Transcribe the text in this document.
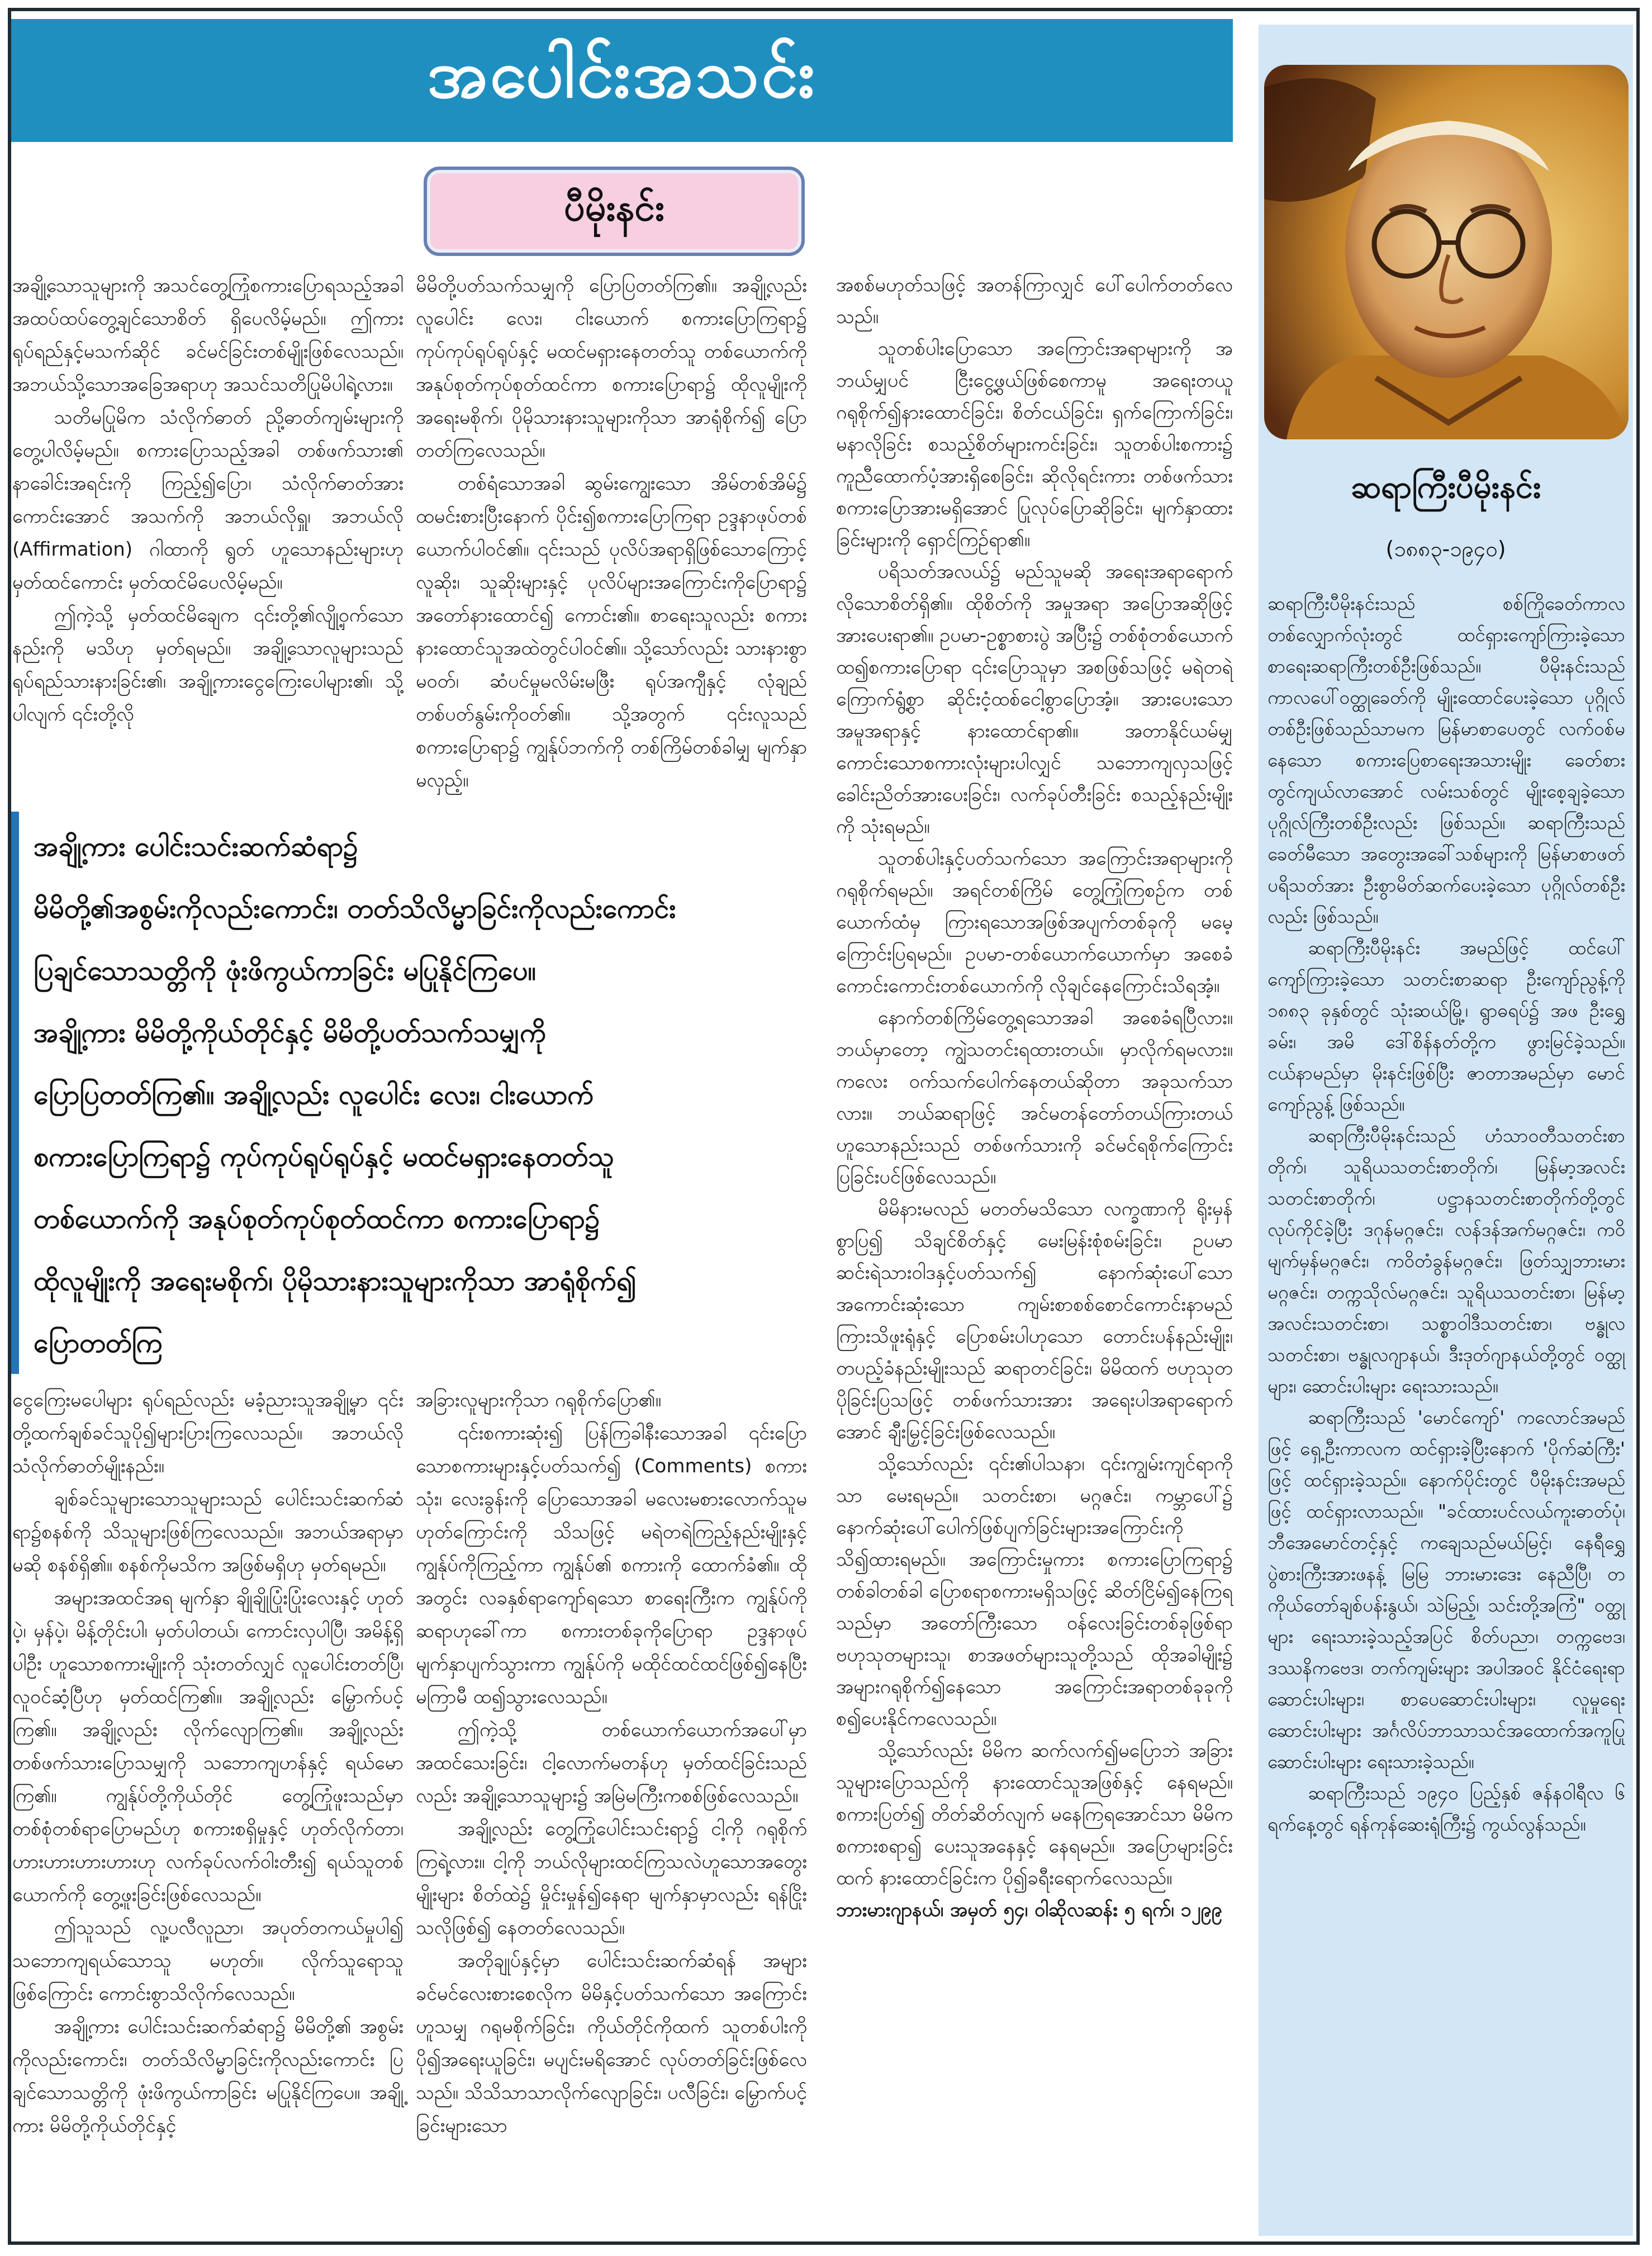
အပေါင်းအသင်း
ပီမိုးနင်း

အချို့သောသူများကို အသင်တွေ့ကြုံစကားပြောရသည့်အခါ အထပ်ထပ်တွေ့ချင်သောစိတ် ရှိပေလိမ့်မည်။ ဤကား ရုပ်ရည်နှင့်မသက်ဆိုင် ခင်မင်ခြင်းတစ်မျိုးဖြစ်လေသည်။ အဘယ်သို့သောအခြေအရာဟု အသင်သတိပြုမိပါရဲ့လား။

သတိမပြုမိက သံလိုက်ဓာတ် ညို့ဓာတ်ကျမ်းများကို တွေ့ပါလိမ့်မည်။ စကားပြောသည့်အခါ တစ်ဖက်သား၏ နာခေါင်းအရင်းကို ကြည့်၍ပြော၊ သံလိုက်ဓာတ်အားကောင်းအောင် အသက်ကို အဘယ်လိုရှူ၊ အဘယ်လို (Affirmation) ဂါထာကို ရွတ် ဟူသောနည်းများဟု မှတ်ထင်ကောင်း မှတ်ထင်မိပေလိမ့်မည်။

ဤကဲ့သို့ မှတ်ထင်မိချေက ၎င်းတို့၏လျို့ဝှက်သောနည်းကို မသိဟု မှတ်ရမည်။ အချို့သောလူများသည် ရုပ်ရည်သားနားခြင်း၏၊ အချို့ကားငွေကြေးပေါများ၏၊ သို့ပါလျက် ၎င်းတို့လို

မိမိတို့ပတ်သက်သမျှကို ပြောပြတတ်ကြ၏။ အချို့လည်း လူပေါင်း လေး၊ ငါးယောက် စကားပြောကြရာ၌ ကုပ်ကုပ်ရုပ်ရုပ်နှင့် မထင်မရှားနေတတ်သူ တစ်ယောက်ကို အနုပ်စုတ်ကုပ်စုတ်ထင်ကာ စကားပြောရာ၌ ထိုလူမျိုးကို အရေးမစိုက်၊ ပိုမိုသားနားသူများကိုသာ အာရုံစိုက်၍ ပြောတတ်ကြလေသည်။

တစ်ရံသောအခါ ဆွမ်းကျွေးသော အိမ်တစ်အိမ်၌ ထမင်းစားပြီးနောက် ပိုင်း၍စကားပြောကြရာ ဥဒ္ဒနာဖုပ်တစ်ယောက်ပါဝင်၏။ ၎င်းသည် ပုလိပ်အရာရှိဖြစ်သောကြောင့် လူဆိုး၊ သူဆိုးများနှင့် ပုလိပ်များအကြောင်းကိုပြောရာ၌ အတော်နားထောင်၍ ကောင်း၏။ စာရေးသူလည်း စကားနားထောင်သူအထဲတွင်ပါဝင်၏။ သို့သော်လည်း သားနားစွာမဝတ်၊ ဆံပင်မှုမလိမ်းမဖြီး ရုပ်အကျီနှင့် လုံချည်တစ်ပတ်နွမ်းကိုဝတ်၏။ သို့အတွက် ၎င်းလူသည် စကားပြောရာ၌ ကျွန်ုပ်ဘက်ကို တစ်ကြိမ်တစ်ခါမျှ မျက်နှာမလှည့်။

အချို့ကား ပေါင်းသင်းဆက်ဆံရာ၌
မိမိတို့၏အစွမ်းကိုလည်းကောင်း၊ တတ်သိလိမ္မာခြင်းကိုလည်းကောင်း
ပြချင်သောသတ္တိကို ဖုံးဖိကွယ်ကာခြင်း မပြုနိုင်ကြပေ။
အချို့ကား မိမိတို့ကိုယ်တိုင်နှင့် မိမိတို့ပတ်သက်သမျှကို
ပြောပြတတ်ကြ၏။ အချို့လည်း လူပေါင်း လေး၊ ငါးယောက်
စကားပြောကြရာ၌ ကုပ်ကုပ်ရုပ်ရုပ်နှင့် မထင်မရှားနေတတ်သူ
တစ်ယောက်ကို အနုပ်စုတ်ကုပ်စုတ်ထင်ကာ စကားပြောရာ၌
ထိုလူမျိုးကို အရေးမစိုက်၊ ပိုမိုသားနားသူများကိုသာ အာရုံစိုက်၍
ပြောတတ်ကြ

ငွေကြေးမပေါများ ရုပ်ရည်လည်း မခံ့ညားသူအချို့မှာ ၎င်းတို့ထက်ချစ်ခင်သူပို၍များပြားကြလေသည်။ အဘယ်လို သံလိုက်ဓာတ်မျိုးနည်း။

ချစ်ခင်သူများသောသူများသည် ပေါင်းသင်းဆက်ဆံရာ၌စနစ်ကို သိသူများဖြစ်ကြလေသည်။ အဘယ်အရာမှာမဆို စနစ်ရှိ၏။ စနစ်ကိုမသိက အဖြစ်မရှိဟု မှတ်ရမည်။

အများအထင်အရ မျက်နှာ ချိုချိုပြုံးပြုံးလေးနှင့် ဟုတ်ပဲ့၊ မှန်ပဲ့၊ မိန့်တိုင်းပါ၊ မှတ်ပါတယ်၊ ကောင်းလှပါပြီ၊ အမိန့်ရှိပါဦး ဟူသောစကားမျိုးကို သုံးတတ်လျှင် လူပေါင်းတတ်ပြီ၊ လူဝင်ဆံ့ပြီဟု မှတ်ထင်ကြ၏။ အချို့လည်း မြှောက်ပင့်ကြ၏။ အချို့လည်း လိုက်လျောကြ၏။ အချို့လည်း တစ်ဖက်သားပြောသမျှကို သဘောကျဟန်နှင့် ရယ်မောကြ၏။ ကျွန်ုပ်တို့ကိုယ်တိုင် တွေ့ကြုံဖူးသည်မှာ တစ်စုံတစ်ရာပြောမည်ဟု စကားစရှိမှုနှင့် ဟုတ်လိုက်တာ၊ ဟားဟားဟားဟားဟု လက်ခုပ်လက်ဝါးတီး၍ ရယ်သူတစ်ယောက်ကို တွေ့ဖူးခြင်းဖြစ်လေသည်။

ဤသူသည် လူ့ပလီလူညာ၊ အပုတ်တကယ်မှုပါ၍ သဘောကျရယ်သောသူ မဟုတ်။ လိုက်သူရောသူဖြစ်ကြောင်း ကောင်းစွာသိလိုက်လေသည်။

အချို့ကား ပေါင်းသင်းဆက်ဆံရာ၌ မိမိတို့၏ အစွမ်းကိုလည်းကောင်း၊ တတ်သိလိမ္မာခြင်းကိုလည်းကောင်း ပြချင်သောသတ္တိကို ဖုံးဖိကွယ်ကာခြင်း မပြုနိုင်ကြပေ။ အချို့ကား မိမိတို့ကိုယ်တိုင်နှင့်

အခြားလူများကိုသာ ဂရုစိုက်ပြော၏။

၎င်းစကားဆုံး၍ ပြန်ကြခါနီးသောအခါ ၎င်းပြောသောစကားများနှင့်ပတ်သက်၍ (Comments) စကားသုံး၊ လေးခွန်းကို ပြောသောအခါ မလေးမစားလောက်သူမဟုတ်ကြောင်းကို သိသဖြင့် မရဲတရဲကြည့်နည်းမျိုးနှင့် ကျွန်ုပ်ကိုကြည့်ကာ ကျွန်ုပ်၏ စကားကို ထောက်ခံ၏။ ထိုအတွင်း လခနှစ်ရာကျော်ရသော စာရေးကြီးက ကျွန်ုပ်ကို ဆရာဟုခေါ်ကာ စကားတစ်ခုကိုပြောရာ ဥဒ္ဒနာဖုပ်မျက်နှာပျက်သွားကာ ကျွန်ုပ်ကို မထိုင်ထင်ထင်ဖြစ်၍နေပြီး မကြာမီ ထ၍သွားလေသည်။

ဤကဲ့သို့ တစ်ယောက်ယောက်အပေါ်မှာ အထင်သေးခြင်း၊ ငါ့လောက်မတန်ဟု မှတ်ထင်ခြင်းသည်လည်း အချို့သောသူများ၌ အမြဲမကြီးကစစ်ဖြစ်လေသည်။

အချို့လည်း တွေ့ကြုံပေါင်းသင်းရာ၌ ငါ့ကို ဂရုစိုက်ကြရဲ့လား။ ငါ့ကို ဘယ်လိုများထင်ကြသလဲဟူသောအတွေးမျိုးများ စိတ်ထဲ၌ မှိုင်းမှုန်၍နေရာ မျက်နှာမှာလည်း ရန်ငြိုးသလိုဖြစ်၍ နေတတ်လေသည်။

အတိုချုပ်နှင့်မှာ ပေါင်းသင်းဆက်ဆံရန် အများခင်မင်လေးစားစေလိုက မိမိနှင့်ပတ်သက်သော အကြောင်းဟူသမျှ ဂရုမစိုက်ခြင်း၊ ကိုယ်တိုင်ကိုထက် သူတစ်ပါးကို ပို၍အရေးယူခြင်း၊ မပျင်းမရိအောင် လုပ်တတ်ခြင်းဖြစ်လေသည်။ သိသိသာသာလိုက်လျောခြင်း၊ ပလီခြင်း၊ မြှောက်ပင့်ခြင်းများသော

အစစ်မဟုတ်သဖြင့် အတန်ကြာလျှင် ပေါ်ပေါက်တတ်လေသည်။

သူတစ်ပါးပြောသော အကြောင်းအရာများကို အဘယ်မျှပင် ငြီးငွေ့ဖွယ်ဖြစ်စေကာမူ အရေးတယူ ဂရုစိုက်၍နားထောင်ခြင်း၊ စိတ်ငယ်ခြင်း၊ ရှက်ကြောက်ခြင်း၊ မနာလိုခြင်း စသည့်စိတ်များကင်းခြင်း၊ သူတစ်ပါးစကား၌ ကူညီထောက်ပံ့အားရှိစေခြင်း၊ ဆိုလိုရင်းကား တစ်ဖက်သား စကားပြောအားမရှိအောင် ပြုလုပ်ပြောဆိုခြင်း၊ မျက်နှာထားခြင်းများကို ရှောင်ကြဉ်ရာ၏။

ပရိသတ်အလယ်၌ မည်သူမဆို အရေးအရာရောက်လိုသောစိတ်ရှိ၏။ ထိုစိတ်ကို အမှုအရာ အပြောအဆိုဖြင့် အားပေးရာ၏။ ဥပမာ-ဥစ္စာစားပွဲ အပြီး၌ တစ်စုံတစ်ယောက် ထ၍စကားပြောရာ ၎င်းပြောသူမှာ အစဖြစ်သဖြင့် မရဲတရဲကြောက်ရွံ့စွာ ဆိုင်းငံ့ထစ်ငေါ့စွာပြောအံ့။ အားပေးသော အမူအရာနှင့် နားထောင်ရာ၏။ အတာနိုင်ယမ်မျှကောင်းသောစကားလုံးများပါလျှင် သဘောကျလှသဖြင့် ခေါင်းညိတ်အားပေးခြင်း၊ လက်ခုပ်တီးခြင်း စသည့်နည်းမျိုးကို သုံးရမည်။

သူတစ်ပါးနှင့်ပတ်သက်သော အကြောင်းအရာများကို ဂရုစိုက်ရမည်။ အရင်တစ်ကြိမ် တွေ့ကြုံကြစဉ်က တစ်ယောက်ထံမှ ကြားရသောအဖြစ်အပျက်တစ်ခုကို မမေ့ကြောင်းပြရမည်။ ဥပမာ-တစ်ယောက်ယောက်မှာ အစေခံကောင်းကောင်းတစ်ယောက်ကို လိုချင်နေကြောင်းသိရအံ့။

နောက်တစ်ကြိမ်တွေ့ရသောအခါ အစေခံရပြီလား။ ဘယ်မှာတော့ ကျွဲသတင်းရထားတယ်။ မှာလိုက်ရမလား။ ကလေး ဝက်သက်ပေါက်နေတယ်ဆိုတာ အခုသက်သာလား။ ဘယ်ဆရာဖြင့် အင်မတန်တော်တယ်ကြားတယ် ဟူသောနည်းသည် တစ်ဖက်သားကို ခင်မင်ရစိုက်ကြောင်း ပြခြင်းပင်ဖြစ်လေသည်။

မိမိနားမလည် မတတ်မသိသော လက္ခဏာကို ရိုးမှန်စွာပြ၍ သိချင်စိတ်နှင့် မေးမြန်းစုံစမ်းခြင်း၊ ဥပမာ ဆင်းရဲသားဝါဒနှင့်ပတ်သက်၍ နောက်ဆုံးပေါ်သော အကောင်းဆုံးသော ကျမ်းစာစစ်စောင်ကောင်းနာမည်ကြားသိဖူးရုံနှင့် ပြောစမ်းပါဟုသော တောင်းပန်နည်းမျိုး၊ တပည့်ခံနည်းမျိုးသည် ဆရာတင်ခြင်း၊ မိမိထက် ဗဟုသုတပိုခြင်းပြသဖြင့် တစ်ဖက်သားအား အရေးပါအရာရောက်အောင် ချီးမြှင့်ခြင်းဖြစ်လေသည်။

သို့သော်လည်း ၎င်း၏ပါသနာ၊ ၎င်းကျွမ်းကျင်ရာကိုသာ မေးရမည်။ သတင်းစာ၊ မဂ္ဂဇင်း၊ ကမ္ဘာပေါ်၌ နောက်ဆုံးပေါ်ပေါက်ဖြစ်ပျက်ခြင်းများအကြောင်းကို သိ၍ထားရမည်။ အကြောင်းမှုကား စကားပြောကြရာ၌ တစ်ခါတစ်ခါ ပြောစရာစကားမရှိသဖြင့် ဆိတ်ငြိမ်၍နေကြရသည်မှာ အတော်ကြီးသော ဝန်လေးခြင်းတစ်ခုဖြစ်ရာ ဗဟုသုတများသူ၊ စာအဖတ်များသူတို့သည် ထိုအခါမျိုး၌ အများဂရုစိုက်၍နေသော အကြောင်းအရာတစ်ခုခုကို စ၍ပေးနိုင်ကလေသည်။

သို့သော်လည်း မိမိက ဆက်လက်၍မပြောဘဲ အခြားသူများပြောသည်ကို နားထောင်သူအဖြစ်နှင့် နေရမည်။ စကားပြတ်၍ တိတ်ဆိတ်လျက် မနေကြရအောင်သာ မိမိက စကားစရာ၍ ပေးသူအနေနှင့် နေရမည်။ အပြောများခြင်းထက် နားထောင်ခြင်းက ပို၍ခရီးရောက်လေသည်။

ဘားမားဂျာနယ်၊ အမှတ် ၅၄၊ ဝါဆိုလဆန်း ၅ ရက်၊ ၁၂၉၉

ဆရာကြီးပီမိုးနင်း
(၁၈၈၃-၁၉၄၀)

ဆရာကြီးပီမိုးနင်းသည် စစ်ကြိုခေတ်ကာလ တစ်လျှောက်လုံးတွင် ထင်ရှားကျော်ကြားခဲ့သော စာရေးဆရာကြီးတစ်ဦးဖြစ်သည်။ ပီမိုးနင်းသည် ကာလပေါ်ဝတ္ထုခေတ်ကို မျိုးထောင်ပေးခဲ့သော ပုဂ္ဂိုလ်တစ်ဦးဖြစ်သည်သာမက မြန်မာစာပေတွင် လက်ဝစ်မနေသော စကားပြေစာရေးအသားမျိုး ခေတ်စားတွင်ကျယ်လာအောင် လမ်းသစ်တွင် မျိုးစေ့ချခဲ့သော ပုဂ္ဂိုလ်ကြီးတစ်ဦးလည်း ဖြစ်သည်။ ဆရာကြီးသည်ခေတ်မီသော အတွေးအခေါ်သစ်များကို မြန်မာစာဖတ်ပရိသတ်အား ဦးစွာမိတ်ဆက်ပေးခဲ့သော ပုဂ္ဂိုလ်တစ်ဦးလည်း ဖြစ်သည်။

ဆရာကြီးပီမိုးနင်း အမည်ဖြင့် ထင်ပေါ်ကျော်ကြားခဲ့သော သတင်းစာဆရာ ဦးကျော်ညွန့်ကို ၁၈၈၃ ခုနှစ်တွင် သုံးဆယ်မြို့၊ ရွာဓရပ်၌ အဖ ဦးရွှေခမ်း၊ အမိ ဒေါ်စိန်နတ်တို့က ဖွားမြင်ခဲ့သည်။ ငယ်နာမည်မှာ မိုးနင်းဖြစ်ပြီး ဇာတာအမည်မှာ မောင်ကျော်ညွန့် ဖြစ်သည်။

ဆရာကြီးပီမိုးနင်းသည် ဟံသာဝတီသတင်းစာတိုက်၊ သူရိယသတင်းစာတိုက်၊ မြန်မာ့အလင်းသတင်းစာတိုက်၊ ပဋ္ဌာနသတင်းစာတိုက်တို့တွင် လုပ်ကိုင်ခဲ့ပြီး ဒဂုန်မဂ္ဂဇင်း၊ လန်ဒန်အက်မဂ္ဂဇင်း၊ ကဝိမျက်မှန်မဂ္ဂဇင်း၊ ကဝိတံခွန်မဂ္ဂဇင်း၊ ဖြတ်သျှဘားမားမဂ္ဂဇင်း၊ တက္ကသိုလ်မဂ္ဂဇင်း၊ သူရိယသတင်းစာ၊ မြန်မာ့အလင်းသတင်းစာ၊ သစ္စာဝါဒီသတင်းစာ၊ ဗန္ဓုလသတင်းစာ၊ ဗန္ဓုလဂျာနယ်၊ ဒီးဒုတ်ဂျာနယ်တို့တွင် ဝတ္ထုများ၊ ဆောင်းပါးများ ရေးသားသည်။

ဆရာကြီးသည် 'မောင်ကျော်' ကလောင်အမည်ဖြင့် ရှေ့ဦးကာလက ထင်ရှားခဲ့ပြီးနောက် 'ပိုက်ဆံကြီး' ဖြင့် ထင်ရှားခဲ့သည်။ နောက်ပိုင်းတွင် ပီမိုးနင်းအမည်ဖြင့် ထင်ရှားလာသည်။ "ခင်ထားပင်လယ်ကူးဓာတ်ပုံ၊ ဘီအေမောင်တင့်နှင့် ကချေသည်မယ်မြင့်၊ နေရီရွှေပွဲစားကြီးအားဖနန့် မြမြ ဘားမားဒေး နေညီပြီ၊ တကိုယ်တော်ချစ်ပန်းနွယ်၊ သဲမြည့်၊ သင်းတို့အကြံ" ဝတ္ထုများ ရေးသားခဲ့သည့်အပြင် စိတ်ပညာ၊ တက္ကဗေဒ၊ ဒဿနိကဗေဒ၊ တက်ကျမ်းများ အပါအဝင် နိုင်ငံရေးရာဆောင်းပါးများ၊ စာပေဆောင်းပါးများ၊ လူမှုရေးဆောင်းပါးများ အင်္ဂလိပ်ဘာသာသင်အထောက်အကူပြု ဆောင်းပါးများ ရေးသားခဲ့သည်။

ဆရာကြီးသည် ၁၉၄၀ ပြည့်နှစ် ဇန်နဝါရီလ ၆ ရက်နေ့တွင် ရန်ကုန်ဆေးရုံကြီး၌ ကွယ်လွန်သည်။
